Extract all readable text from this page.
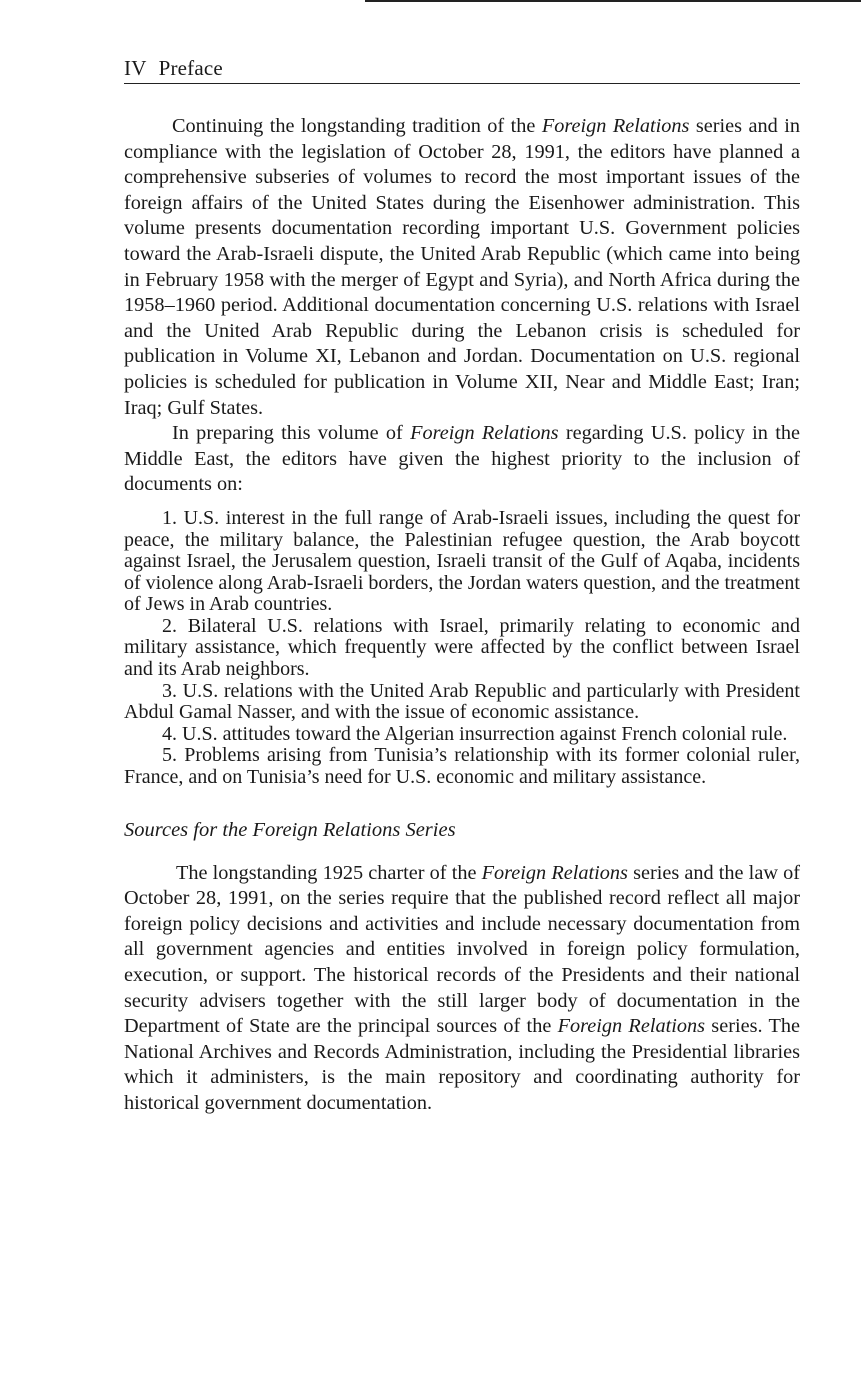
IV Preface

Continuing the longstanding tradition of the Foreign Relations series and in compliance with the legislation of October 28, 1991, the editors have planned a comprehensive subseries of volumes to record the most important issues of the foreign affairs of the United States during the Eisenhower administration. This volume presents documentation recording important U.S. Government policies toward the Arab-Israeli dispute, the United Arab Republic (which came into being in February 1958 with the merger of Egypt and Syria), and North Africa during the 1958–1960 period. Additional documentation concerning U.S. relations with Israel and the United Arab Republic during the Lebanon crisis is scheduled for publication in Volume XI, Lebanon and Jordan. Documentation on U.S. regional policies is scheduled for publication in Volume XII, Near and Middle East; Iran; Iraq; Gulf States.

In preparing this volume of Foreign Relations regarding U.S. policy in the Middle East, the editors have given the highest priority to the inclusion of documents on:

1. U.S. interest in the full range of Arab-Israeli issues, including the quest for peace, the military balance, the Palestinian refugee question, the Arab boycott against Israel, the Jerusalem question, Israeli transit of the Gulf of Aqaba, incidents of violence along Arab-Israeli borders, the Jordan waters question, and the treatment of Jews in Arab countries.

2. Bilateral U.S. relations with Israel, primarily relating to economic and military assistance, which frequently were affected by the conflict between Israel and its Arab neighbors.

3. U.S. relations with the United Arab Republic and particularly with President Abdul Gamal Nasser, and with the issue of economic assistance.

4. U.S. attitudes toward the Algerian insurrection against French colonial rule.

5. Problems arising from Tunisia’s relationship with its former colonial ruler, France, and on Tunisia’s need for U.S. economic and military assistance.

Sources for the Foreign Relations Series

The longstanding 1925 charter of the Foreign Relations series and the law of October 28, 1991, on the series require that the published record reflect all major foreign policy decisions and activities and include necessary documentation from all government agencies and entities involved in foreign policy formulation, execution, or support. The historical records of the Presidents and their national security advisers together with the still larger body of documentation in the Department of State are the principal sources of the Foreign Relations series. The National Archives and Records Administration, including the Presidential libraries which it administers, is the main repository and coordinating authority for historical government documentation.
